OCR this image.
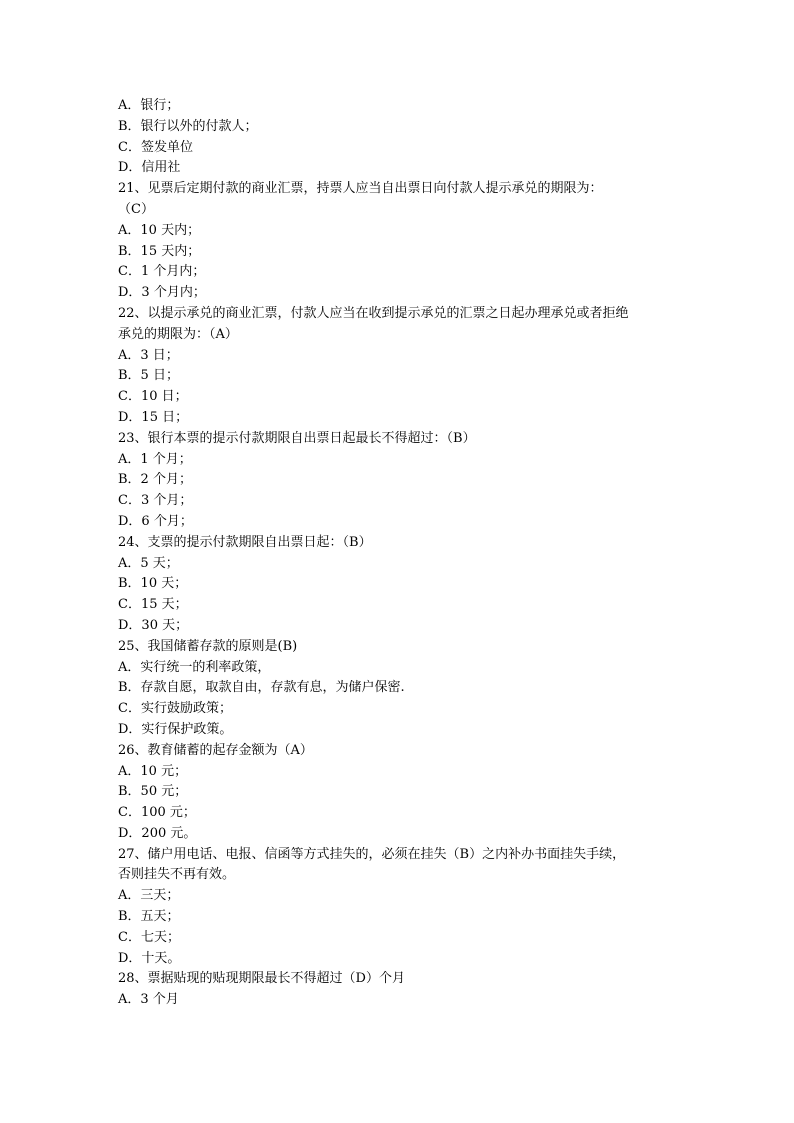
A．银行；
B．银行以外的付款人；
C．签发单位
D．信用社
21、见票后定期付款的商业汇票，持票人应当自出票日向付款人提示承兑的期限为：
（C）
A．10 天内；
B．15 天内；
C．1 个月内；
D．3 个月内；
22、以提示承兑的商业汇票，付款人应当在收到提示承兑的汇票之日起办理承兑或者拒绝
承兑的期限为：（A）
A．3 日；
B．5 日；
C．10 日；
D．15 日；
23、银行本票的提示付款期限自出票日起最长不得超过：（B）
A．1 个月；
B．2 个月；
C．3 个月；
D．6 个月；
24、支票的提示付款期限自出票日起：（B）
A．5 天；
B．10 天；
C．15 天；
D．30 天；
25、我国储蓄存款的原则是(B)
A．实行统一的利率政策，
B．存款自愿，取款自由，存款有息，为储户保密.
C．实行鼓励政策；
D．实行保护政策。
26、教育储蓄的起存金额为（A）
A．10 元；
B．50 元；
C．100 元；
D．200 元。
27、储户用电话、电报、信函等方式挂失的，必须在挂失（B）之内补办书面挂失手续，
否则挂失不再有效。
A．三天；
B．五天；
C．七天；
D．十天。
28、票据贴现的贴现期限最长不得超过（D）个月
A．3 个月
